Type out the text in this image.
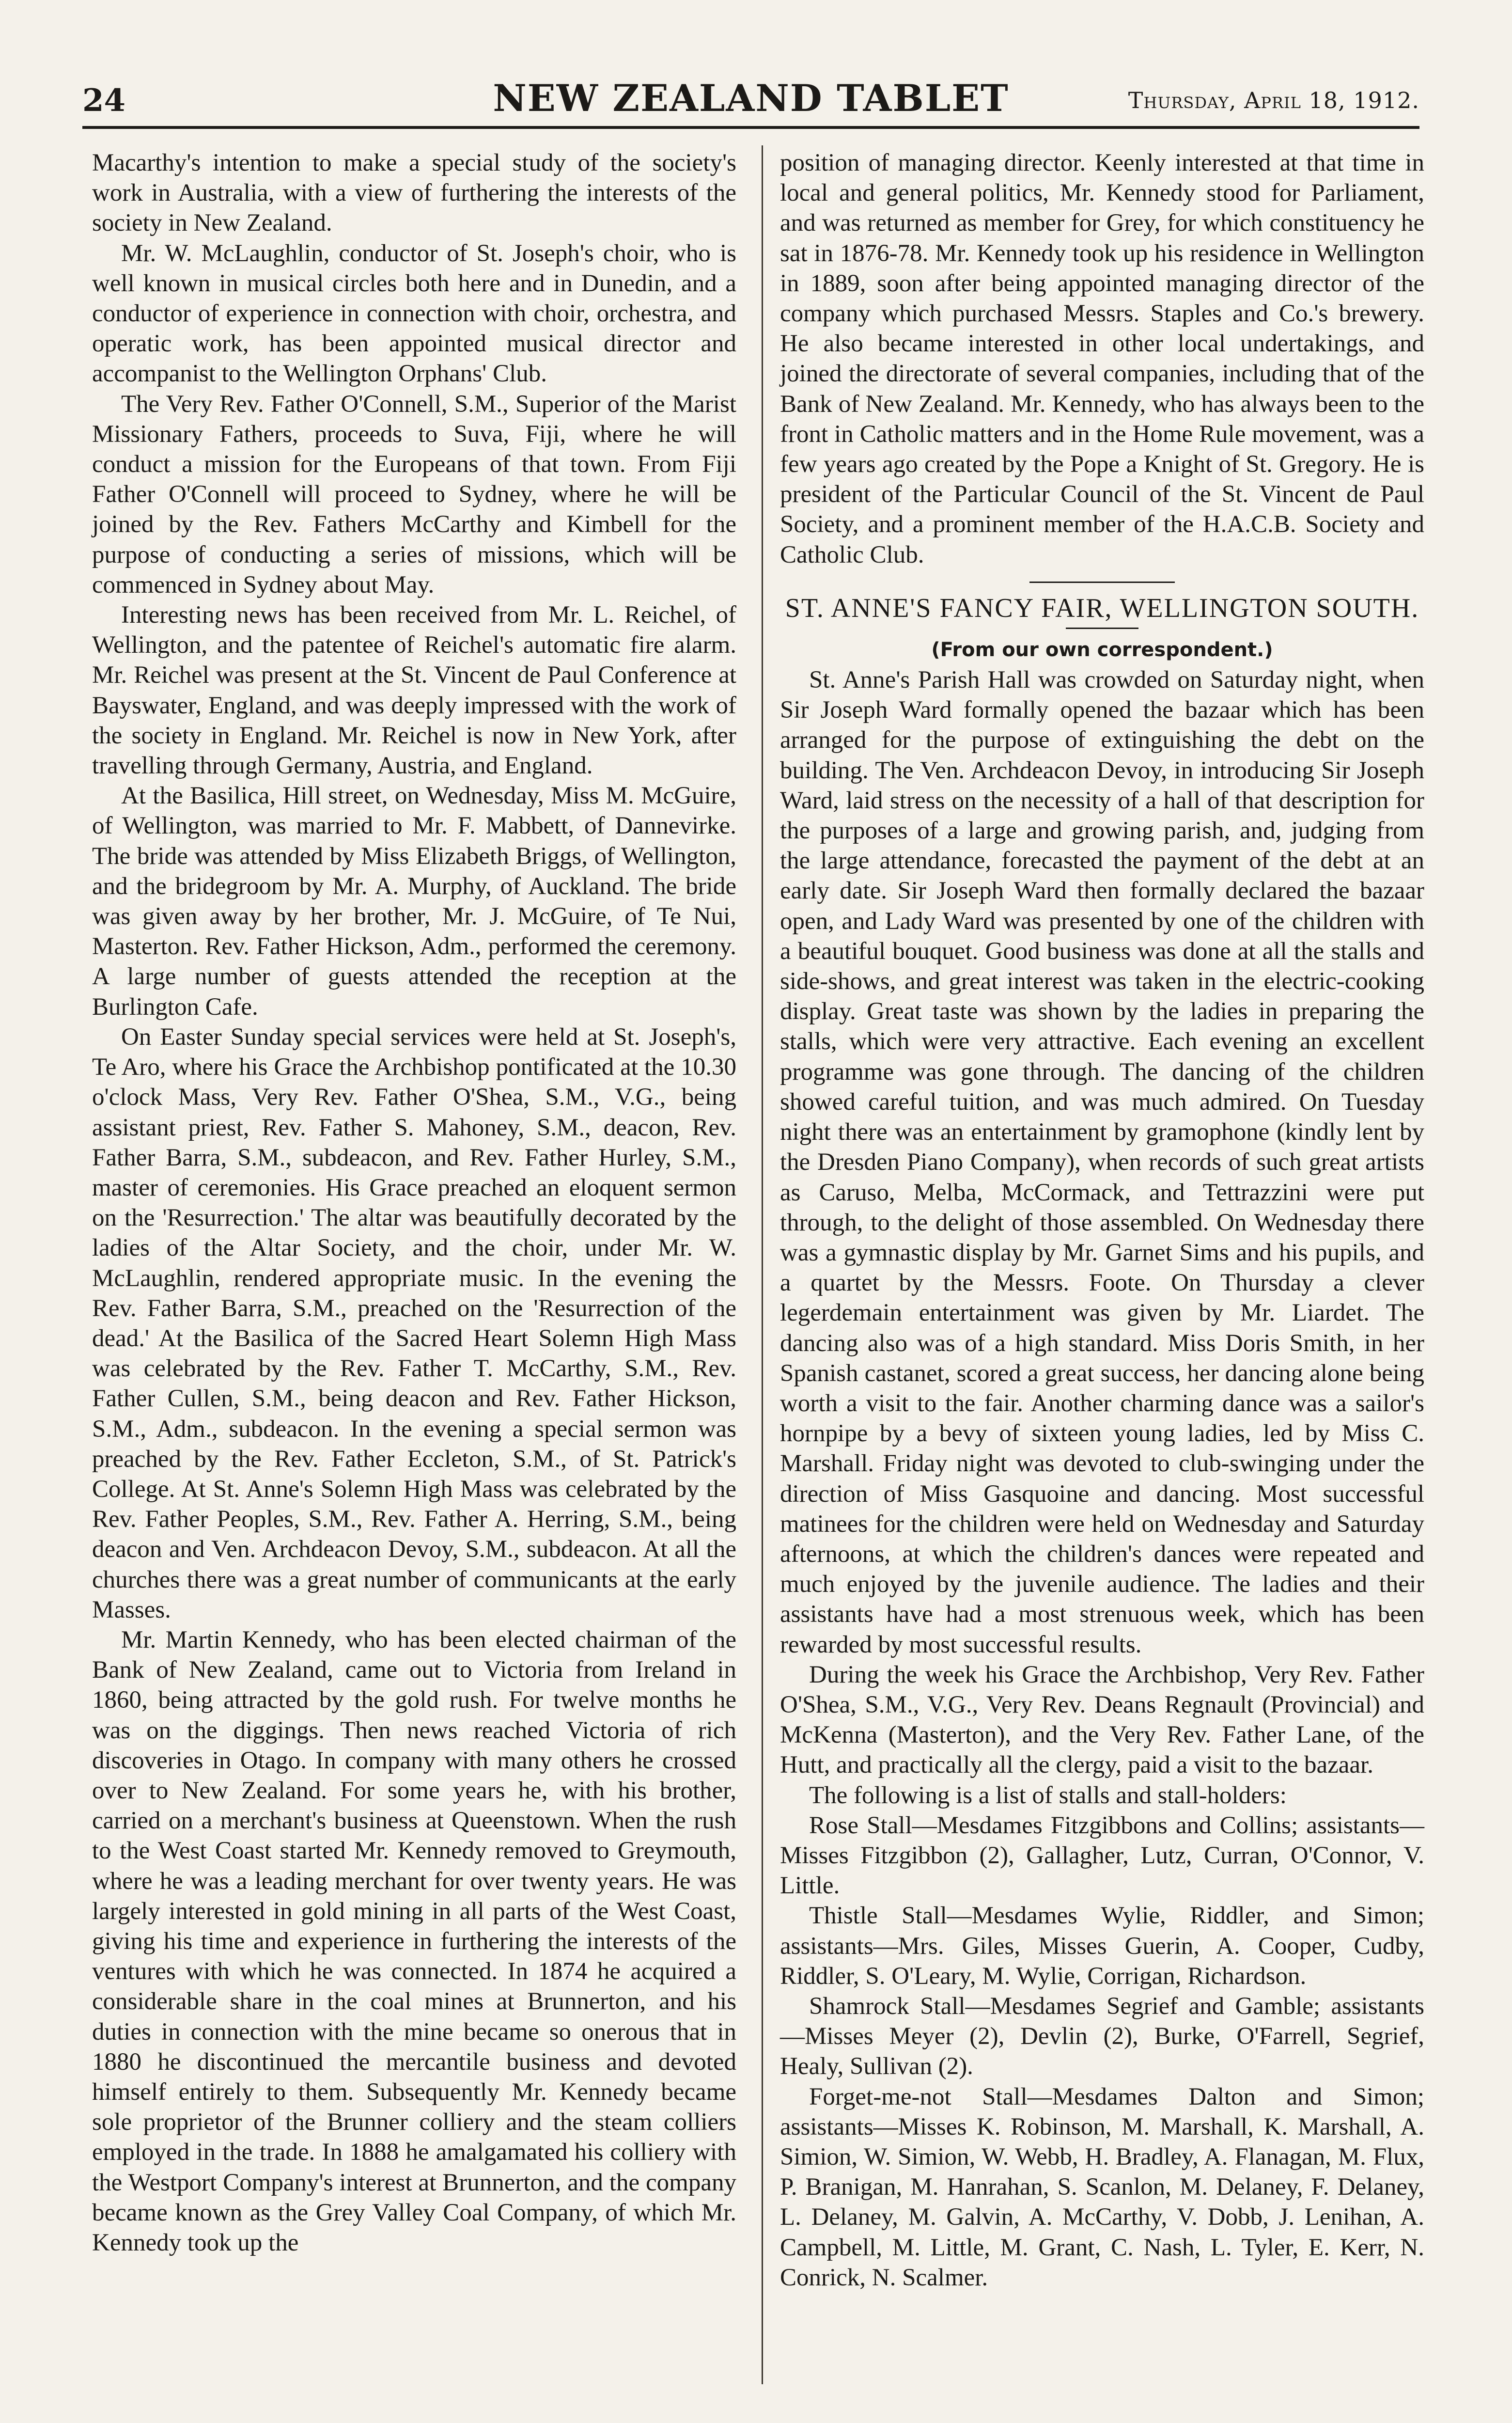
24	NEW ZEALAND TABLET	Thursday, April 18, 1912.

Macarthy's intention to make a special study of the society's work in Australia, with a view of furthering the interests of the society in New Zealand.

Mr. W. McLaughlin, conductor of St. Joseph's choir, who is well known in musical circles both here and in Dunedin, and a conductor of experience in connection with choir, orchestra, and operatic work, has been appointed musical director and accompanist to the Wellington Orphans' Club.

The Very Rev. Father O'Connell, S.M., Superior of the Marist Missionary Fathers, proceeds to Suva, Fiji, where he will conduct a mission for the Europeans of that town. From Fiji Father O'Connell will proceed to Sydney, where he will be joined by the Rev. Fathers McCarthy and Kimbell for the purpose of conducting a series of missions, which will be commenced in Sydney about May.

Interesting news has been received from Mr. L. Reichel, of Wellington, and the patentee of Reichel's automatic fire alarm. Mr. Reichel was present at the St. Vincent de Paul Conference at Bayswater, England, and was deeply impressed with the work of the society in England. Mr. Reichel is now in New York, after travelling through Germany, Austria, and England.

At the Basilica, Hill street, on Wednesday, Miss M. McGuire, of Wellington, was married to Mr. F. Mabbett, of Dannevirke. The bride was attended by Miss Elizabeth Briggs, of Wellington, and the bridegroom by Mr. A. Murphy, of Auckland. The bride was given away by her brother, Mr. J. McGuire, of Te Nui, Masterton. Rev. Father Hickson, Adm., performed the ceremony. A large number of guests attended the reception at the Burlington Cafe.

On Easter Sunday special services were held at St. Joseph's, Te Aro, where his Grace the Archbishop pontificated at the 10.30 o'clock Mass, Very Rev. Father O'Shea, S.M., V.G., being assistant priest, Rev. Father S. Mahoney, S.M., deacon, Rev. Father Barra, S.M., subdeacon, and Rev. Father Hurley, S.M., master of ceremonies. His Grace preached an eloquent sermon on the 'Resurrection.' The altar was beautifully decorated by the ladies of the Altar Society, and the choir, under Mr. W. McLaughlin, rendered appropriate music. In the evening the Rev. Father Barra, S.M., preached on the 'Resurrection of the dead.' At the Basilica of the Sacred Heart Solemn High Mass was celebrated by the Rev. Father T. McCarthy, S.M., Rev. Father Cullen, S.M., being deacon and Rev. Father Hickson, S.M., Adm., subdeacon. In the evening a special sermon was preached by the Rev. Father Eccleton, S.M., of St. Patrick's College. At St. Anne's Solemn High Mass was celebrated by the Rev. Father Peoples, S.M., Rev. Father A. Herring, S.M., being deacon and Ven. Archdeacon Devoy, S.M., subdeacon. At all the churches there was a great number of communicants at the early Masses.

Mr. Martin Kennedy, who has been elected chairman of the Bank of New Zealand, came out to Victoria from Ireland in 1860, being attracted by the gold rush. For twelve months he was on the diggings. Then news reached Victoria of rich discoveries in Otago. In company with many others he crossed over to New Zealand. For some years he, with his brother, carried on a merchant's business at Queenstown. When the rush to the West Coast started Mr. Kennedy removed to Greymouth, where he was a leading merchant for over twenty years. He was largely interested in gold mining in all parts of the West Coast, giving his time and experience in furthering the interests of the ventures with which he was connected. In 1874 he acquired a considerable share in the coal mines at Brunnerton, and his duties in connection with the mine became so onerous that in 1880 he discontinued the mercantile business and devoted himself entirely to them. Subsequently Mr. Kennedy became sole proprietor of the Brunner colliery and the steam colliers employed in the trade. In 1888 he amalgamated his colliery with the Westport Company's interest at Brunnerton, and the company became known as the Grey Valley Coal Company, of which Mr. Kennedy took up the

position of managing director. Keenly interested at that time in local and general politics, Mr. Kennedy stood for Parliament, and was returned as member for Grey, for which constituency he sat in 1876-78. Mr. Kennedy took up his residence in Wellington in 1889, soon after being appointed managing director of the company which purchased Messrs. Staples and Co.'s brewery. He also became interested in other local undertakings, and joined the directorate of several companies, including that of the Bank of New Zealand. Mr. Kennedy, who has always been to the front in Catholic matters and in the Home Rule movement, was a few years ago created by the Pope a Knight of St. Gregory. He is president of the Particular Council of the St. Vincent de Paul Society, and a prominent member of the H.A.C.B. Society and Catholic Club.

ST. ANNE'S FANCY FAIR, WELLINGTON SOUTH.

(From our own correspondent.)

St. Anne's Parish Hall was crowded on Saturday night, when Sir Joseph Ward formally opened the bazaar which has been arranged for the purpose of extinguishing the debt on the building. The Ven. Archdeacon Devoy, in introducing Sir Joseph Ward, laid stress on the necessity of a hall of that description for the purposes of a large and growing parish, and, judging from the large attendance, forecasted the payment of the debt at an early date. Sir Joseph Ward then formally declared the bazaar open, and Lady Ward was presented by one of the children with a beautiful bouquet. Good business was done at all the stalls and side-shows, and great interest was taken in the electric-cooking display. Great taste was shown by the ladies in preparing the stalls, which were very attractive. Each evening an excellent programme was gone through. The dancing of the children showed careful tuition, and was much admired. On Tuesday night there was an entertainment by gramophone (kindly lent by the Dresden Piano Company), when records of such great artists as Caruso, Melba, McCormack, and Tettrazzini were put through, to the delight of those assembled. On Wednesday there was a gymnastic display by Mr. Garnet Sims and his pupils, and a quartet by the Messrs. Foote. On Thursday a clever legerdemain entertainment was given by Mr. Liardet. The dancing also was of a high standard. Miss Doris Smith, in her Spanish castanet, scored a great success, her dancing alone being worth a visit to the fair. Another charming dance was a sailor's hornpipe by a bevy of sixteen young ladies, led by Miss C. Marshall. Friday night was devoted to club-swinging under the direction of Miss Gasquoine and dancing. Most successful matinees for the children were held on Wednesday and Saturday afternoons, at which the children's dances were repeated and much enjoyed by the juvenile audience. The ladies and their assistants have had a most strenuous week, which has been rewarded by most successful results.

During the week his Grace the Archbishop, Very Rev. Father O'Shea, S.M., V.G., Very Rev. Deans Regnault (Provincial) and McKenna (Masterton), and the Very Rev. Father Lane, of the Hutt, and practically all the clergy, paid a visit to the bazaar.

The following is a list of stalls and stall-holders:

Rose Stall—Mesdames Fitzgibbons and Collins; assistants—Misses Fitzgibbon (2), Gallagher, Lutz, Curran, O'Connor, V. Little.

Thistle Stall—Mesdames Wylie, Riddler, and Simon; assistants—Mrs. Giles, Misses Guerin, A. Cooper, Cudby, Riddler, S. O'Leary, M. Wylie, Corrigan, Richardson.

Shamrock Stall—Mesdames Segrief and Gamble; assistants—Misses Meyer (2), Devlin (2), Burke, O'Farrell, Segrief, Healy, Sullivan (2).

Forget-me-not Stall—Mesdames Dalton and Simon; assistants—Misses K. Robinson, M. Marshall, K. Marshall, A. Simion, W. Simion, W. Webb, H. Bradley, A. Flanagan, M. Flux, P. Branigan, M. Hanrahan, S. Scanlon, M. Delaney, F. Delaney, L. Delaney, M. Galvin, A. McCarthy, V. Dobb, J. Lenihan, A. Campbell, M. Little, M. Grant, C. Nash, L. Tyler, E. Kerr, N. Conrick, N. Scalmer.
